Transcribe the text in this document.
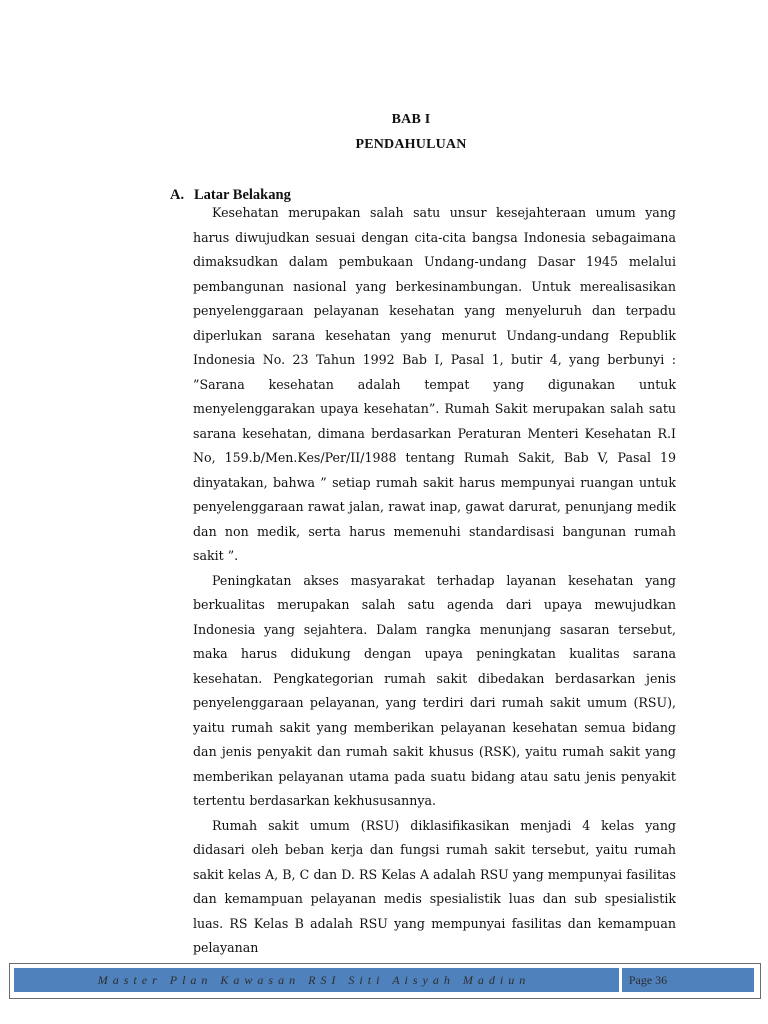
BAB I
PENDAHULUAN
A. Latar Belakang

Kesehatan merupakan salah satu unsur kesejahteraan umum yang harus diwujudkan sesuai dengan cita-cita bangsa Indonesia sebagaimana dimaksudkan dalam pembukaan Undang-undang Dasar 1945 melalui pembangunan nasional yang berkesinambungan. Untuk merealisasikan penyelenggaraan pelayanan kesehatan yang menyeluruh dan terpadu diperlukan sarana kesehatan yang menurut Undang-undang Republik Indonesia No. 23 Tahun 1992 Bab I, Pasal 1, butir 4, yang berbunyi : ”Sarana kesehatan adalah tempat yang digunakan untuk menyelenggarakan upaya kesehatan”. Rumah Sakit merupakan salah satu sarana kesehatan, dimana berdasarkan Peraturan Menteri Kesehatan R.I No, 159.b/Men.Kes/Per/II/1988 tentang Rumah Sakit, Bab V, Pasal 19 dinyatakan, bahwa ” setiap rumah sakit harus mempunyai ruangan untuk penyelenggaraan rawat jalan, rawat inap, gawat darurat, penunjang medik dan non medik, serta harus memenuhi standardisasi bangunan rumah sakit ”.

Peningkatan akses masyarakat terhadap layanan kesehatan yang berkualitas merupakan salah satu agenda dari upaya mewujudkan Indonesia yang sejahtera. Dalam rangka menunjang sasaran tersebut, maka harus didukung dengan upaya peningkatan kualitas sarana kesehatan. Pengkategorian rumah sakit dibedakan berdasarkan jenis penyelenggaraan pelayanan, yang terdiri dari rumah sakit umum (RSU), yaitu rumah sakit yang memberikan pelayanan kesehatan semua bidang dan jenis penyakit dan rumah sakit khusus (RSK), yaitu rumah sakit yang memberikan pelayanan utama pada suatu bidang atau satu jenis penyakit tertentu berdasarkan kekhususannya.

Rumah sakit umum (RSU) diklasifikasikan menjadi 4 kelas yang didasari oleh beban kerja dan fungsi rumah sakit tersebut, yaitu rumah sakit kelas A, B, C dan D. RS Kelas A adalah RSU yang mempunyai fasilitas dan kemampuan pelayanan medis spesialistik luas dan sub spesialistik luas. RS Kelas B adalah RSU yang mempunyai fasilitas dan kemampuan pelayanan

Master Plan Kawasan RSI Siti Aisyah Madiun	Page 36
